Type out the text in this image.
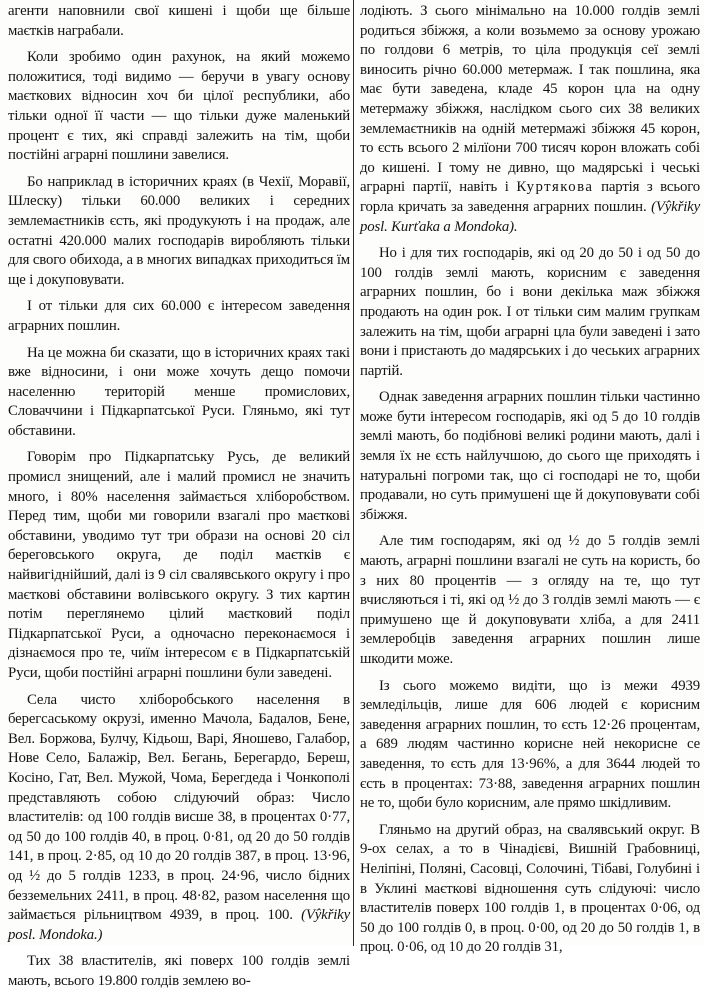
агенти наповнили свої кишені і щоби ще більше маєтків награбали.

Коли зробимо один рахунок, на який можемо положитися, тоді видимо — беручи в увагу основу маєткових відносин хоч би цілої республики, або тільки одної її части — що тільки дуже маленький процент є тих, які справді залежить на тім, щоби постійні аграрні пошлини завелися.

Бо наприклад в історичних краях (в Чехії, Моравії, Шлеску) тільки 60.000 великих і середних землемаєтників єсть, які продукують і на продаж, але остатні 420.000 малих господарів виробляють тільки для свого обихода, а в многих випадках приходиться їм ще і докуповувати.

І от тільки для сих 60.000 є інтересом заведення аграрних пошлин.

На це можна би сказати, що в історичних краях такі вже відносини, і они може хочуть дещо помочи населенню територій менше промислових, Словаччини і Підкарпатської Руси. Гляньмо, які тут обставини.

Говорім про Підкарпатську Русь, де великий промисл знищений, але і малий промисл не значить много, і 80% населення займається хліборобством. Перед тим, щоби ми говорили взагалі про маєткові обставини, уводимо тут три образи на основі 20 сіл береговського округа, де поділ маєтків є найвигіднійший, далі із 9 сіл свалявського округу і про маєткові обставини волівського округу. З тих картин потім переглянемо цілий маєтковий поділ Підкарпатської Руси, а одночасно переконаємося і дізнаємося про те, чиїм інтересом є в Підкарпатській Руси, щоби постійні аграрні пошлини були заведені.

Села чисто хліборобського населення в берегсаському окрузі, именно Мачола, Бадалов, Бене, Вел. Боржова, Булчу, Кідьош, Варі, Яношево, Галабор, Нове Село, Балажір, Вел. Бегань, Берегардо, Береш, Косіно, Гат, Вел. Мужой, Чома, Берегдеда і Чонкополі представляють собою слідуючий образ: Число властителів: од 100 голдів висше 38, в процентах 0·77, од 50 до 100 голдів 40, в проц. 0·81, од 20 до 50 голдів 141, в проц. 2·85, од 10 до 20 голдів 387, в проц. 13·96, од ½ до 5 голдів 1233, в проц. 24·96, число бідних безземельних 2411, в проц. 48·82, разом населення що займається рільництвом 4939, в проц. 100. (Vŷkřiky posl. Mondoka.)

Тих 38 властителів, які поверх 100 голдів землі мають, всього 19.800 голдів землею во-

лодіють. З сього мінімально на 10.000 голдів землі родиться збіжжя, а коли возьмемо за основу урожаю по голдови 6 метрів, то ціла продукція сеї землі виносить річно 60.000 метермаж. І так пошлина, яка має бути заведена, кладе 45 корон цла на одну метермажу збіжжя, наслідком сього сих 38 великих землемаєтників на одній метермажі збіжжя 45 корон, то єсть всього 2 мілїони 700 тисяч корон вложать собі до кишені. І тому не дивно, що мадярські і чеські аграрні партії, навіть і Куртякова партія з всього горла кричать за заведення аграрних пошлин. (Vŷkřiky posl. Kurťaka a Mondoka).

Но і для тих господарів, які од 20 до 50 і од 50 до 100 голдів землі мають, корисним є заведення аграрних пошлин, бо і вони декілька маж збіжжя продають на один рок. І от тільки сим малим групкам залежить на тім, щоби аграрні цла були заведені і зато вони і пристають до мадярських і до чеських аграрних партій.

Однак заведення аграрних пошлин тільки частинно може бути інтересом господарів, які од 5 до 10 голдів землі мають, бо подібнові великі родини мають, далі і земля їх не єсть найлучшою, до сього ще приходять і натуральні погроми так, що сі господарі не то, щоби продавали, но суть примушені ще й докуповувати собі збіжжя.

Але тим господарям, які од ½ до 5 голдів землі мають, аграрні пошлини взагалі не суть на користь, бо з них 80 процентів — з огляду на те, що тут вчисляються і ті, які од ½ до 3 голдів землі мають — є примушено ще й докуповувати хліба, а для 2411 землеробців заведення аграрних пошлин лише шкодити може.

Із сього можемо видіти, що із межи 4939 земледільців, лише для 606 людей є корисним заведення аграрних пошлин, то єсть 12·26 процентам, а 689 людям частинно корисне ней некорисне се заведення, то єсть для 13·96%, а для 3644 людей то єсть в процентах: 73·88, заведення аграрних пошлин не то, щоби було корисним, але прямо шкідливим.

Гляньмо на другий образ, на свалявський округ. В 9-ох селах, а то в Чінадієві, Вишній Грабовниці, Неліпіні, Поляні, Сасовці, Солочині, Тібаві, Голубині і в Уклині маєткові відношення суть слідуючі: число властителів поверх 100 голдів 1, в процентах 0·06, од 50 до 100 голдів 0, в проц. 0·00, од 20 до 50 голдів 1, в проц. 0·06, од 10 до 20 голдів 31,
